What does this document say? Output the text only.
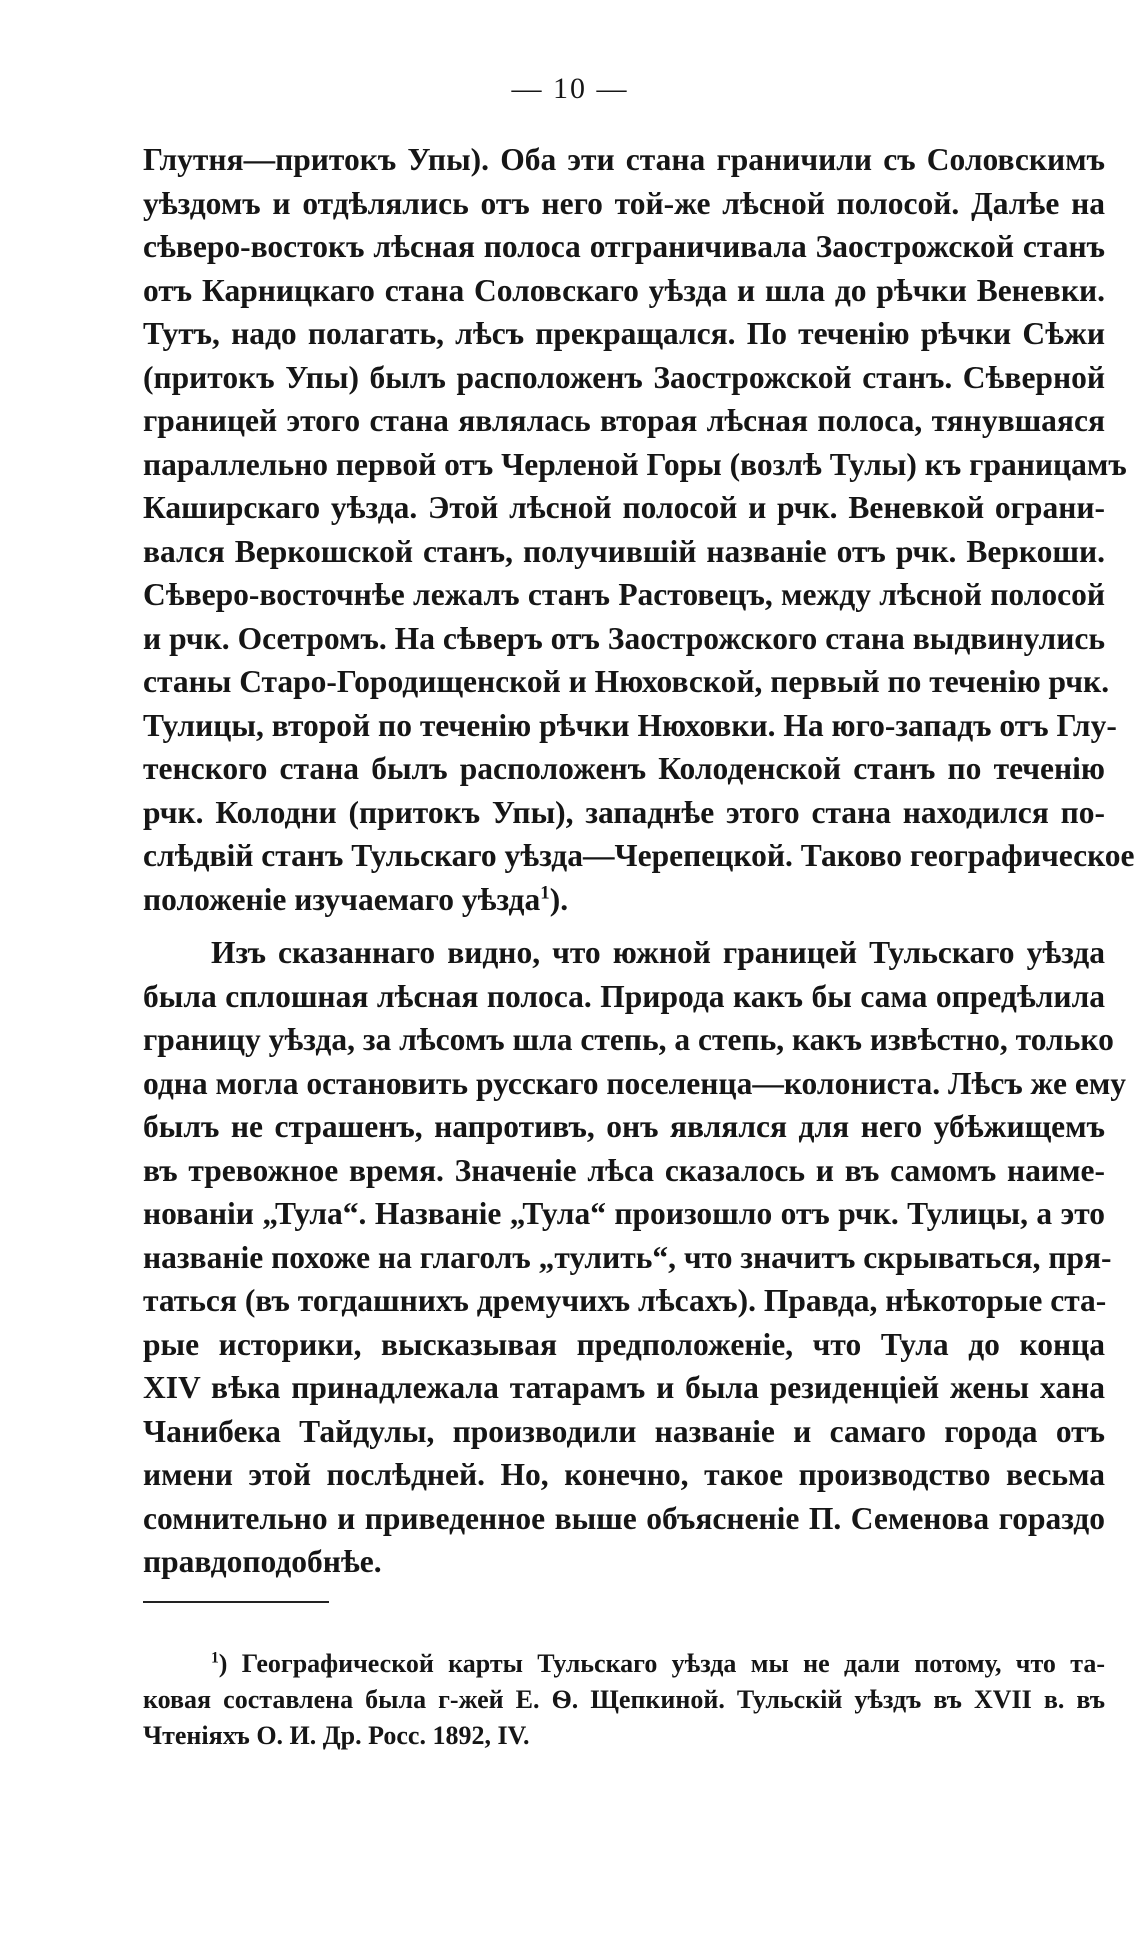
— 10 —

Глутня—притокъ Упы). Оба эти стана граничили съ Соловскимъ
уѣздомъ и отдѣлялись отъ него той-же лѣсной полосой. Далѣе на
сѣверо-востокъ лѣсная полоса отграничивала Заострожской станъ
отъ Карницкаго стана Соловскаго уѣзда и шла до рѣчки Веневки.
Тутъ, надо полагать, лѣсъ прекращался. По теченію рѣчки Сѣжи
(притокъ Упы) былъ расположенъ Заострожской станъ. Сѣверной
границей этого стана являлась вторая лѣсная полоса, тянувшаяся
параллельно первой отъ Черленой Горы (возлѣ Тулы) къ границамъ
Каширскаго уѣзда. Этой лѣсной полосой и рчк. Веневкой ограни-
вался Веркошской станъ, получившій названіе отъ рчк. Веркоши.
Сѣверо-восточнѣе лежалъ станъ Растовецъ, между лѣсной полосой
и рчк. Осетромъ. На сѣверъ отъ Заострожского стана выдвинулись
станы Старо-Городищенской и Нюховской, первый по теченію рчк.
Тулицы, второй по теченію рѣчки Нюховки. На юго-западъ отъ Глу-
тенского стана былъ расположенъ Колоденской станъ по теченію
рчк. Колодни (притокъ Упы), западнѣе этого стана находился по-
слѣдвій станъ Тульскаго уѣзда—Черепецкой. Таково географическое
положеніе изучаемаго уѣзда$^1$).

Изъ сказаннаго видно, что южной границей Тульскаго уѣзда
была сплошная лѣсная полоса. Природа какъ бы сама опредѣлила
границу уѣзда, за лѣсомъ шла степь, а степь, какъ извѣстно, только
одна могла остановить русскаго поселенца—колониста. Лѣсъ же ему
былъ не страшенъ, напротивъ, онъ являлся для него убѣжищемъ
въ тревожное время. Значеніе лѣса сказалось и въ самомъ наиме-
нованіи „Тула“. Названіе „Тула“ произошло отъ рчк. Тулицы, а это
названіе похоже на глаголъ „тулить“, что значитъ скрываться, пря-
таться (въ тогдашнихъ дремучихъ лѣсахъ). Правда, нѣкоторые ста-
рые историки, высказывая предположеніе, что Тула до конца
XIV вѣка принадлежала татарамъ и была резиденціей жены хана
Чанибека Тайдулы, производили названіе и самаго города отъ
имени этой послѣдней. Но, конечно, такое производство весьма
сомнительно и приведенное выше объясненіе П. Семенова гораздо
правдоподобнѣе.

$^1$) Географической карты Тульскаго уѣзда мы не дали потому, что та-
ковая составлена была г-жей Е. Ѳ. Щепкиной. Тульскій уѣздъ въ XVII в. въ
Чтеніяхъ О. И. Др. Росс. 1892, IV.
